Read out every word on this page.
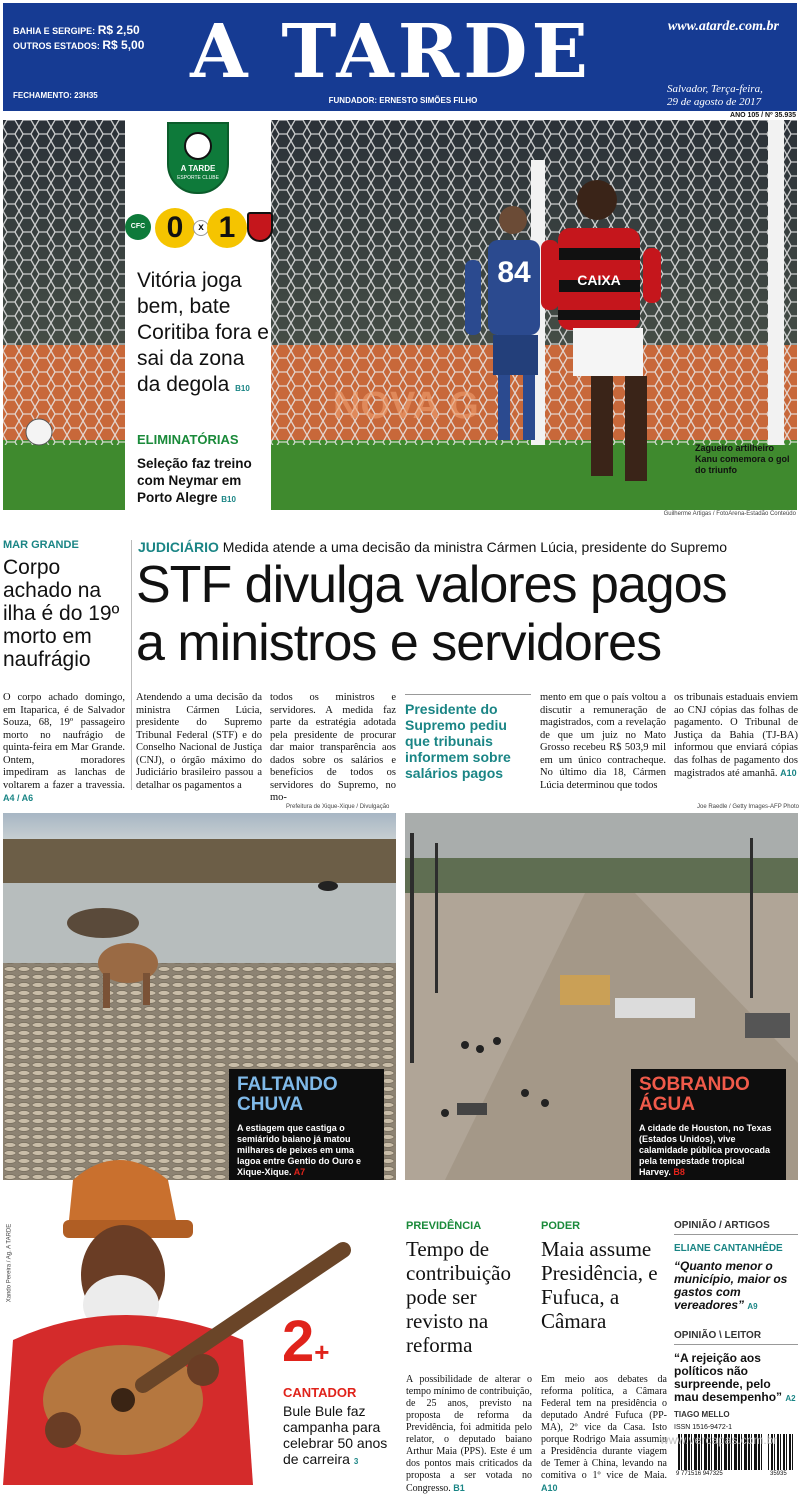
BAHIA E SERGIPE: R$ 2,50
OUTROS ESTADOS: R$ 5,00
FECHAMENTO: 23H35
A TARDE
FUNDADOR: ERNESTO SIMÕES FILHO
www.atarde.com.br
Salvador, Terça-feira,
29 de agosto de 2017
ANO 105 / Nº 35.935
84	CAIXA
NOVA G
Zagueiro artilheiro Kanu comemora o gol do triunfo
Guilherme Artigas / FotoArena-Estadão Conteúdo
A TARDE
ESPORTE CLUBE
CFC 0	x 1
Vitória joga bem, bate Coritiba fora e sai da zona da degola B10
ELIMINATÓRIAS
Seleção faz treino com Neymar em Porto Alegre B10
MAR GRANDE
Corpo achado na ilha é do 19º morto em naufrágio
O corpo achado domingo, em Itaparica, é de Salvador Souza, 68, 19º passageiro morto no naufrágio de quinta-feira em Mar Grande. Ontem, moradores impediram as lanchas de voltarem a fazer a travessia. A4 / A6
JUDICIÁRIO Medida atende a uma decisão da ministra Cármen Lúcia, presidente do Supremo
STF divulga valores pagos
a ministros e servidores
Atendendo a uma decisão da ministra Cármen Lúcia, presidente do Supremo Tribunal Federal (STF) e do Conselho Nacional de Justiça (CNJ), o órgão máximo do Judiciário brasileiro passou a detalhar os pagamentos a
todos os ministros e servidores. A medida faz parte da estratégia adotada pela presidente de procurar dar maior transparência aos dados sobre os salários e benefícios de todos os servidores do Supremo, no mo-
Presidente do Supremo pediu que tribunais informem sobre salários pagos
mento em que o país voltou a discutir a remuneração de magistrados, com a revelação de que um juiz no Mato Grosso recebeu R$ 503,9 mil em um único contracheque. No último dia 18, Cármen Lúcia determinou que todos
os tribunais estaduais enviem ao CNJ cópias das folhas de pagamento. O Tribunal de Justiça da Bahia (TJ-BA) informou que enviará cópias das folhas de pagamento dos magistrados até amanhã. A10
Prefeitura de Xique-Xique / Divulgação
FALTANDO
CHUVA
A estiagem que castiga o semiárido baiano já matou milhares de peixes em uma lagoa entre Gentio do Ouro e Xique-Xique. A7
Joe Raedle / Getty Images-AFP Photo
SOBRANDO
ÁGUA
A cidade de Houston, no Texas (Estados Unidos), vive calamidade pública provocada pela tempestade tropical Harvey. B8
Xando Pereira / Ag. A TARDE
2+
CANTADOR
Bule Bule faz campanha para celebrar 50 anos de carreira 3
PREVIDÊNCIA
Tempo de contribuição pode ser revisto na reforma
A possibilidade de alterar o tempo mínimo de contribuição, de 25 anos, previsto na proposta de reforma da Previdência, foi admitida pelo relator, o deputado baiano Arthur Maia (PPS). Este é um dos pontos mais criticados da proposta a ser votada no Congresso. B1
PODER
Maia assume Presidência, e Fufuca, a Câmara
Em meio aos debates da reforma política, a Câmara Federal tem na presidência o deputado André Fufuca (PP-MA), 2º vice da Casa. Isto porque Rodrigo Maia assumiu a Presidência durante viagem de Temer à China, levando na comitiva o 1º vice de Maia. A10
OPINIÃO / ARTIGOS
ELIANE CANTANHÊDE
“Quanto menor o município, maior os gastos com vereadores” A9
OPINIÃO \ LEITOR
“A rejeição aos políticos não surpreende, pelo mau desempenho” A2
TIAGO MELLO
ISSN 1516-9472-1
9 771516 947325	35935
www.vercapas.com.br
